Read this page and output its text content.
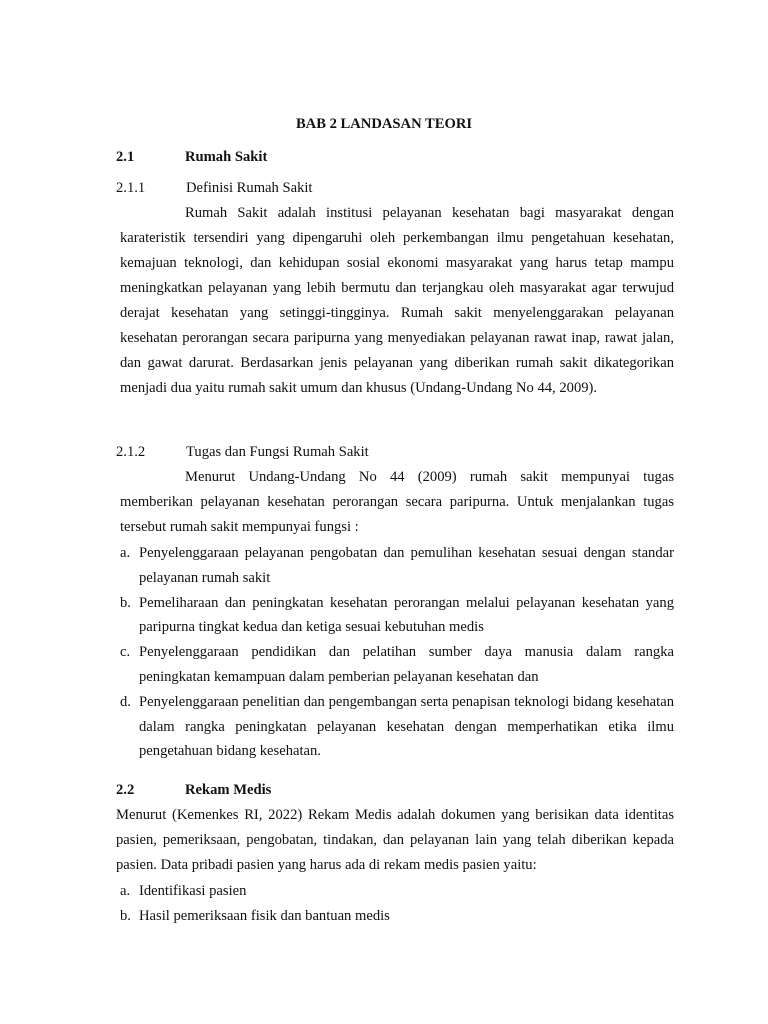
BAB 2 LANDASAN TEORI
2.1	Rumah Sakit
2.1.1	Definisi Rumah Sakit

Rumah Sakit adalah institusi pelayanan kesehatan bagi masyarakat dengan karateristik tersendiri yang dipengaruhi oleh perkembangan ilmu pengetahuan kesehatan, kemajuan teknologi, dan kehidupan sosial ekonomi masyarakat yang harus tetap mampu meningkatkan pelayanan yang lebih bermutu dan terjangkau oleh masyarakat agar terwujud derajat kesehatan yang setinggi-tingginya. Rumah sakit menyelenggarakan pelayanan kesehatan perorangan secara paripurna yang menyediakan pelayanan rawat inap, rawat jalan, dan gawat darurat. Berdasarkan jenis pelayanan yang diberikan rumah sakit dikategorikan menjadi dua yaitu rumah sakit umum dan khusus (Undang-Undang No 44, 2009).

2.1.2	Tugas dan Fungsi Rumah Sakit

Menurut Undang-Undang No 44 (2009) rumah sakit mempunyai tugas memberikan pelayanan kesehatan perorangan secara paripurna. Untuk menjalankan tugas tersebut rumah sakit mempunyai fungsi :

a. Penyelenggaraan pelayanan pengobatan dan pemulihan kesehatan sesuai dengan standar pelayanan rumah sakit
b. Pemeliharaan dan peningkatan kesehatan perorangan melalui pelayanan kesehatan yang paripurna tingkat kedua dan ketiga sesuai kebutuhan medis
c. Penyelenggaraan pendidikan dan pelatihan sumber daya manusia dalam rangka peningkatan kemampuan dalam pemberian pelayanan kesehatan dan
d. Penyelenggaraan penelitian dan pengembangan serta penapisan teknologi bidang kesehatan dalam rangka peningkatan pelayanan kesehatan dengan memperhatikan etika ilmu pengetahuan bidang kesehatan.
2.2	Rekam Medis

Menurut (Kemenkes RI, 2022) Rekam Medis adalah dokumen yang berisikan data identitas pasien, pemeriksaan, pengobatan, tindakan, dan pelayanan lain yang telah diberikan kepada pasien. Data pribadi pasien yang harus ada di rekam medis pasien yaitu:

a. Identifikasi pasien
b. Hasil pemeriksaan fisik dan bantuan medis
